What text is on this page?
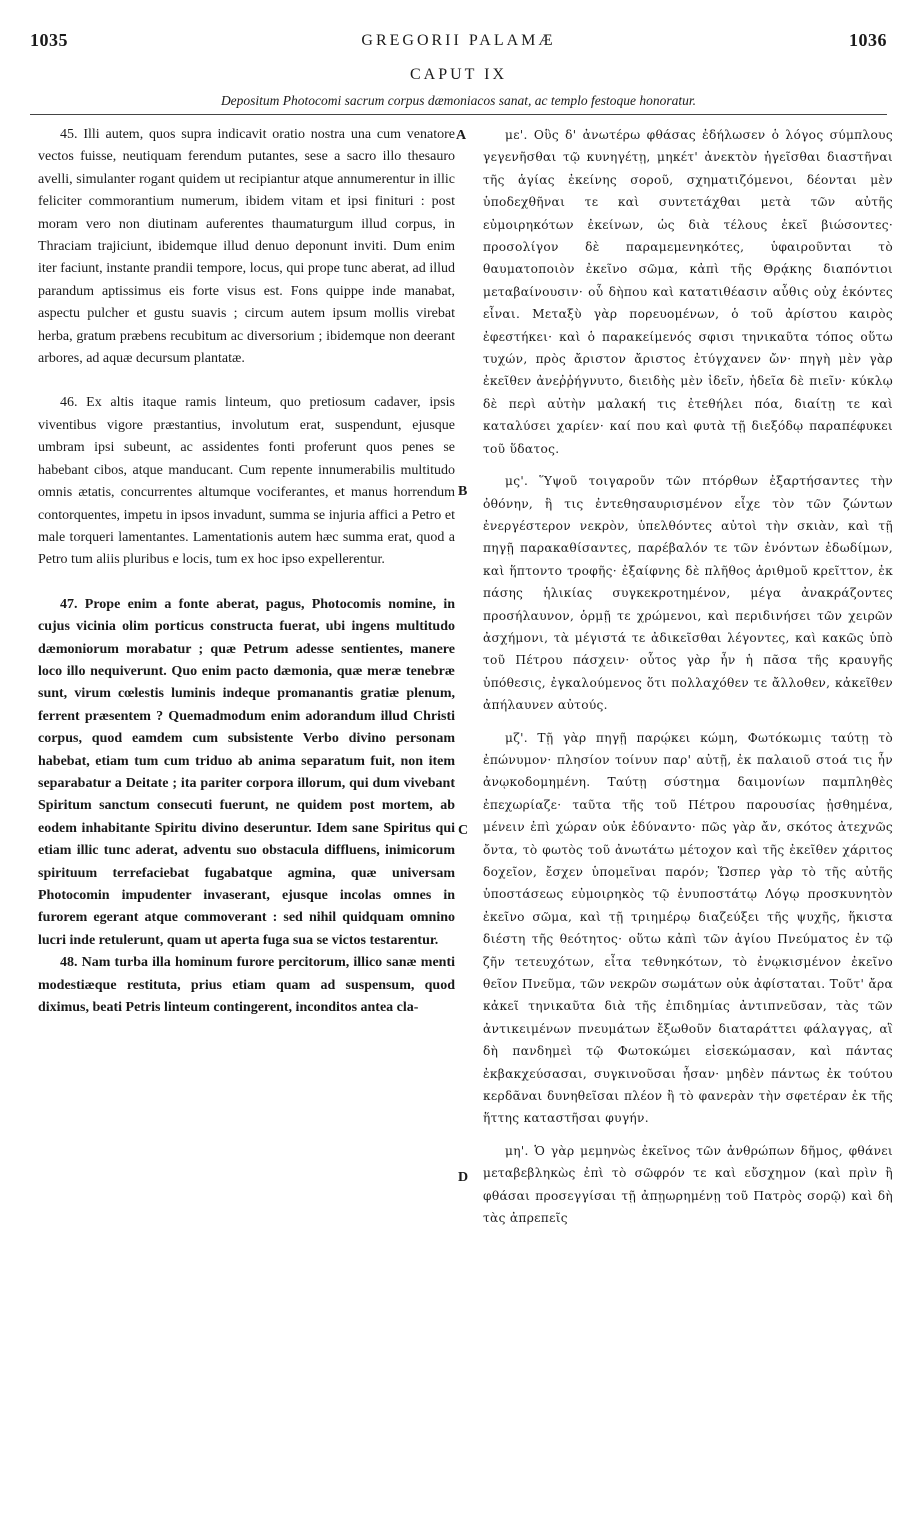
1035	GREGORII PALAMÆ	1036
CAPUT IX
Depositum Photocomi sacrum corpus dæmoniacos sanat, ac templo festoque honoratur.

45. Illi autem, quos supra indicavit oratio nostra una cum venatore vectos fuisse, neutiquam ferendum putantes, sese a sacro illo thesauro avelli, simulanter rogant quidem ut recipiantur atque annumerentur in illic feliciter commorantium numerum, ibidem vitam et ipsi finituri : post moram vero non diutinam auferentes thaumaturgum illud corpus, in Thraciam trajiciunt, ibidemque illud denuo deponunt inviti. Dum enim iter faciunt, instante prandii tempore, locus, qui prope tunc aberat, ad illud parandum aptissimus eis forte visus est. Fons quippe inde manabat, aspectu pulcher et gustu suavis ; circum autem ipsum mollis virebat herba, gratum præbens recubitum ac diversorium ; ibidemque non deerant arbores, ad aquæ decursum plantatæ.

46. Ex altis itaque ramis linteum, quo pretiosum cadaver, ipsis viventibus vigore præstantius, involutum erat, suspendunt, ejusque umbram ipsi subeunt, ac assidentes fonti proferunt quos penes se habebant cibos, atque manducant. Cum repente innumerabilis multitudo omnis ætatis, concurrentes altumque vociferantes, et manus horrendum contorquentes, impetu in ipsos invadunt, summa se injuria affici a Petro et male torqueri lamentantes. Lamentationis autem hæc summa erat, quod a Petro tum aliis pluribus e locis, tum ex hoc ipso expellerentur.

47. Prope enim a fonte aberat, pagus, Photocomis nomine, in cujus vicinia olim porticus constructa fuerat, ubi ingens multitudo dæmoniorum morabatur ; quæ Petrum adesse sentientes, manere loco illo nequiverunt. Quo enim pacto dæmonia, quæ meræ tenebræ sunt, virum cœlestis luminis indeque promanantis gratiæ plenum, ferrent præsentem ? Quemadmodum enim adorandum illud Christi corpus, quod eamdem cum subsistente Verbo divino personam habebat, etiam tum cum triduo ab anima separatum fuit, non item separabatur a Deitate ; ita pariter corpora illorum, qui dum vivebant Spiritum sanctum consecuti fuerunt, ne quidem post mortem, ab eodem inhabitante Spiritu divino deseruntur. Idem sane Spiritus qui etiam illic tunc aderat, adventu suo obstacula diffluens, inimicorum spirituum terrefaciebat fugabatque agmina, quæ universam Photocomin impudenter invaserant, ejusque incolas omnes in furorem egerant atque commoverant : sed nihil quidquam omnino lucri inde retulerunt, quam ut aperta fuga sua se victos testarentur.

48. Nam turba illa hominum furore percitorum, illico sanæ menti modestiæque restituta, prius etiam quam ad suspensum, quod diximus, beati Petris linteum contingerent, inconditos antea cla-

με'. Οὓς δ' ἀνωτέρω φθάσας ἐδήλωσεν ὁ λόγος σύμπλους γεγενῆσθαι τῷ κυνηγέτῃ, μηκέτ' ἀνεκτὸν ἡγεῖσθαι διαστῆναι τῆς ἁγίας ἐκείνης σοροῦ, σχηματιζόμενοι, δέονται μὲν ὑποδεχθῆναι τε καὶ συντετάχθαι μετὰ τῶν αὐτῆς εὐμοιρηκότων ἐκείνων, ὡς διὰ τέλους ἐκεῖ βιώσοντες· προσολίγον δὲ παραμεμενηκότες, ὑφαιροῦνται τὸ θαυματοποιὸν ἐκεῖνο σῶμα, κἀπὶ τῆς Θρᾴκης διαπόντιοι μεταβαίνουσιν· οὗ δὴπου καὶ κατατιθέασιν αὖθις οὐχ ἑκόντες εἶναι. Μεταξὺ γὰρ πορευομένων, ὁ τοῦ ἀρίστου καιρὸς ἐφεστήκει· καὶ ὁ παρακείμενός σφισι τηνικαῦτα τόπος οὕτω τυχών, πρὸς ἄριστον ἄριστος ἐτύγχανεν ὤν· πηγὴ μὲν γὰρ ἐκεῖθεν ἀνεῤῥήγνυτο, διειδὴς μὲν ἰδεῖν, ἡδεῖα δὲ πιεῖν· κύκλῳ δὲ περὶ αὐτὴν μαλακή τις ἐτεθήλει πόα, διαίτῃ τε καὶ καταλύσει χαρίεν· καί που καὶ φυτὰ τῇ διεξόδῳ παραπέφυκει τοῦ ὕδατος.

μς'. Ὕψοῦ τοιγαροῦν τῶν πτόρθων ἐξαρτήσαντες τὴν ὀθόνην, ἣ τις ἐντεθησαυρισμένον εἶχε τὸν τῶν ζώντων ἐνεργέστερον νεκρὸν, ὑπελθόντες αὐτοὶ τὴν σκιὰν, καὶ τῇ πηγῇ παρακαθίσαντες, παρέβαλόν τε τῶν ἐνόντων ἐδωδίμων, καὶ ἥπτοντο τροφῆς· ἐξαίφνης δὲ πλῆθος ἀριθμοῦ κρεῖττον, ἐκ πάσης ἡλικίας συγκεκροτημένον, μέγα ἀνακράζοντες προσήλαυνον, ὁρμῇ τε χρώμενοι, καὶ περιδινήσει τῶν χειρῶν ἀσχήμονι, τὰ μέγιστά τε ἀδικεῖσθαι λέγοντες, καὶ κακῶς ὑπὸ τοῦ Πέτρου πάσχειν· οὗτος γὰρ ἦν ἡ πᾶσα τῆς κραυγῆς ὑπόθεσις, ἐγκαλούμενος ὅτι πολλαχόθεν τε ἄλλοθεν, κἀκεῖθεν ἀπήλαυνεν αὐτούς.

μζ'. Τῇ γὰρ πηγῇ παρῴκει κώμη, Φωτόκωμις ταύτῃ τὸ ἐπώνυμον· πλησίον τοίνυν παρ' αὐτῇ, ἐκ παλαιοῦ στοά τις ἦν ἀνῳκοδομημένη. Ταύτῃ σύστημα δαιμονίων παμπληθὲς ἐπεχωρίαζε· ταῦτα τῆς τοῦ Πέτρου παρουσίας ᾐσθημένα, μένειν ἐπὶ χώραν οὐκ ἐδύναντο· πῶς γὰρ ἄν, σκότος ἀτεχνῶς ὄντα, τὸ φωτὸς τοῦ ἀνωτάτω μέτοχον καὶ τῆς ἐκεῖθεν χάριτος δοχεῖον, ἔσχεν ὑπομεῖναι παρόν; Ὥσπερ γὰρ τὸ τῆς αὐτῆς ὑποστάσεως εὐμοιρηκὸς τῷ ἐνυποστάτῳ Λόγῳ προσκυνητὸν ἐκεῖνο σῶμα, καὶ τῇ τριημέρῳ διαζεύξει τῆς ψυχῆς, ἥκιστα διέστη τῆς θεότητος· οὕτω κἀπὶ τῶν ἁγίου Πνεύματος ἐν τῷ ζῆν τετευχότων, εἶτα τεθνηκότων, τὸ ἐνῳκισμένον ἐκεῖνο θεῖον Πνεῦμα, τῶν νεκρῶν σωμάτων οὐκ ἀφίσταται. Τοῦτ' ἄρα κἀκεῖ τηνικαῦτα διὰ τῆς ἐπιδημίας ἀντιπνεῦσαν, τὰς τῶν ἀντικειμένων πνευμάτων ἔξωθοῦν διαταράττει φάλαγγας, αἳ δὴ πανδημεὶ τῷ Φωτοκώμει εἰσεκώμασαν, καὶ πάντας ἐκβακχεύσασαι, συγκινοῦσαι ἦσαν· μηδὲν πάντως ἐκ τούτου κερδᾶναι δυνηθεῖσαι πλέον ἢ τὸ φανερὰν τὴν σφετέραν ἐκ τῆς ἥττης καταστῆσαι φυγήν.

μη'. Ὁ γὰρ μεμηνὼς ἐκεῖνος τῶν ἀνθρώπων δῆμος, φθάνει μεταβεβληκὼς ἐπὶ τὸ σῶφρόν τε καὶ εὔσχημον (καὶ πρὶν ἢ φθάσαι προσεγγίσαι τῇ ἀπῃωρημένῃ τοῦ Πατρὸς σορῷ) καὶ δὴ τὰς ἀπρεπεῖς

A
B
C
D
